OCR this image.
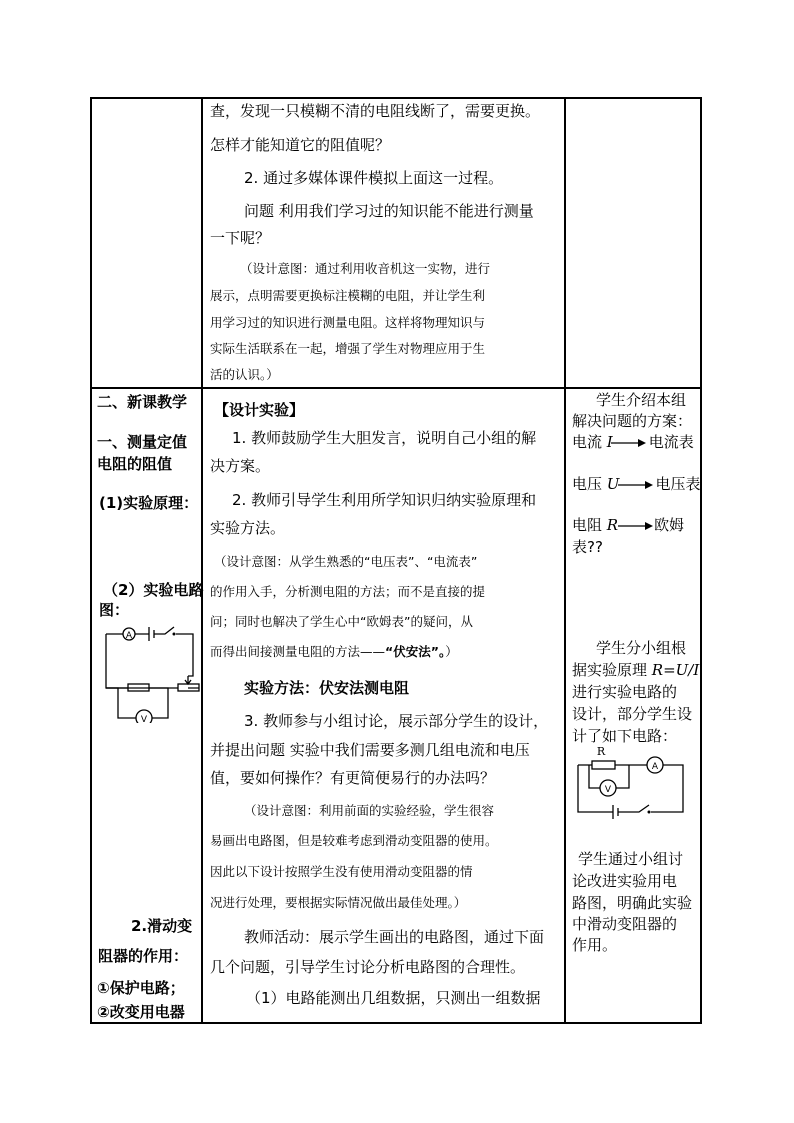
查，发现一只模糊不清的电阻线断了，需要更换。
怎样才能知道它的阻值呢？
2. 通过多媒体课件模拟上面这一过程。
问题 利用我们学习过的知识能不能进行测量
一下呢？
（设计意图：通过利用收音机这一实物，进行
展示，点明需要更换标注模糊的电阻，并让学生利
用学习过的知识进行测量电阻。这样将物理知识与
实际生活联系在一起，增强了学生对物理应用于生
活的认识。）
【设计实验】
1. 教师鼓励学生大胆发言，说明自己小组的解
决方案。
2. 教师引导学生利用所学知识归纳实验原理和
实验方法。
（设计意图：从学生熟悉的“电压表”、“电流表”
的作用入手，分析测电阻的方法；而不是直接的提
问；同时也解决了学生心中“欧姆表”的疑问，从
而得出间接测量电阻的方法——“伏安法”。）
实验方法：伏安法测电阻
3. 教师参与小组讨论，展示部分学生的设计，
并提出问题 实验中我们需要多测几组电流和电压
值，要如何操作？有更简便易行的办法吗？
（设计意图：利用前面的实验经验，学生很容
易画出电路图，但是较难考虑到滑动变阻器的使用。
因此以下设计按照学生没有使用滑动变阻器的情
况进行处理，要根据实际情况做出最佳处理。）
教师活动：展示学生画出的电路图，通过下面
几个问题，引导学生讨论分析电路图的合理性。
（1）电路能测出几组数据，只测出一组数据
二、新课教学
一、测量定值
电阻的阻值
(1)实验原理：
（2）实验电路
图：
A
V
2.滑动变
阻器的作用：
①保护电路；
②改变用电器
学生介绍本组
解决问题的方案：
电流 I 电流表
电压 U 电压表
电阻 R 欧姆
表??
学生分小组根
据实验原理 R=U/I
进行实验电路的
设计，部分学生设
计了如下电路：
R
A
V
学生通过小组讨
论改进实验用电
路图，明确此实验
中滑动变阻器的
作用。
